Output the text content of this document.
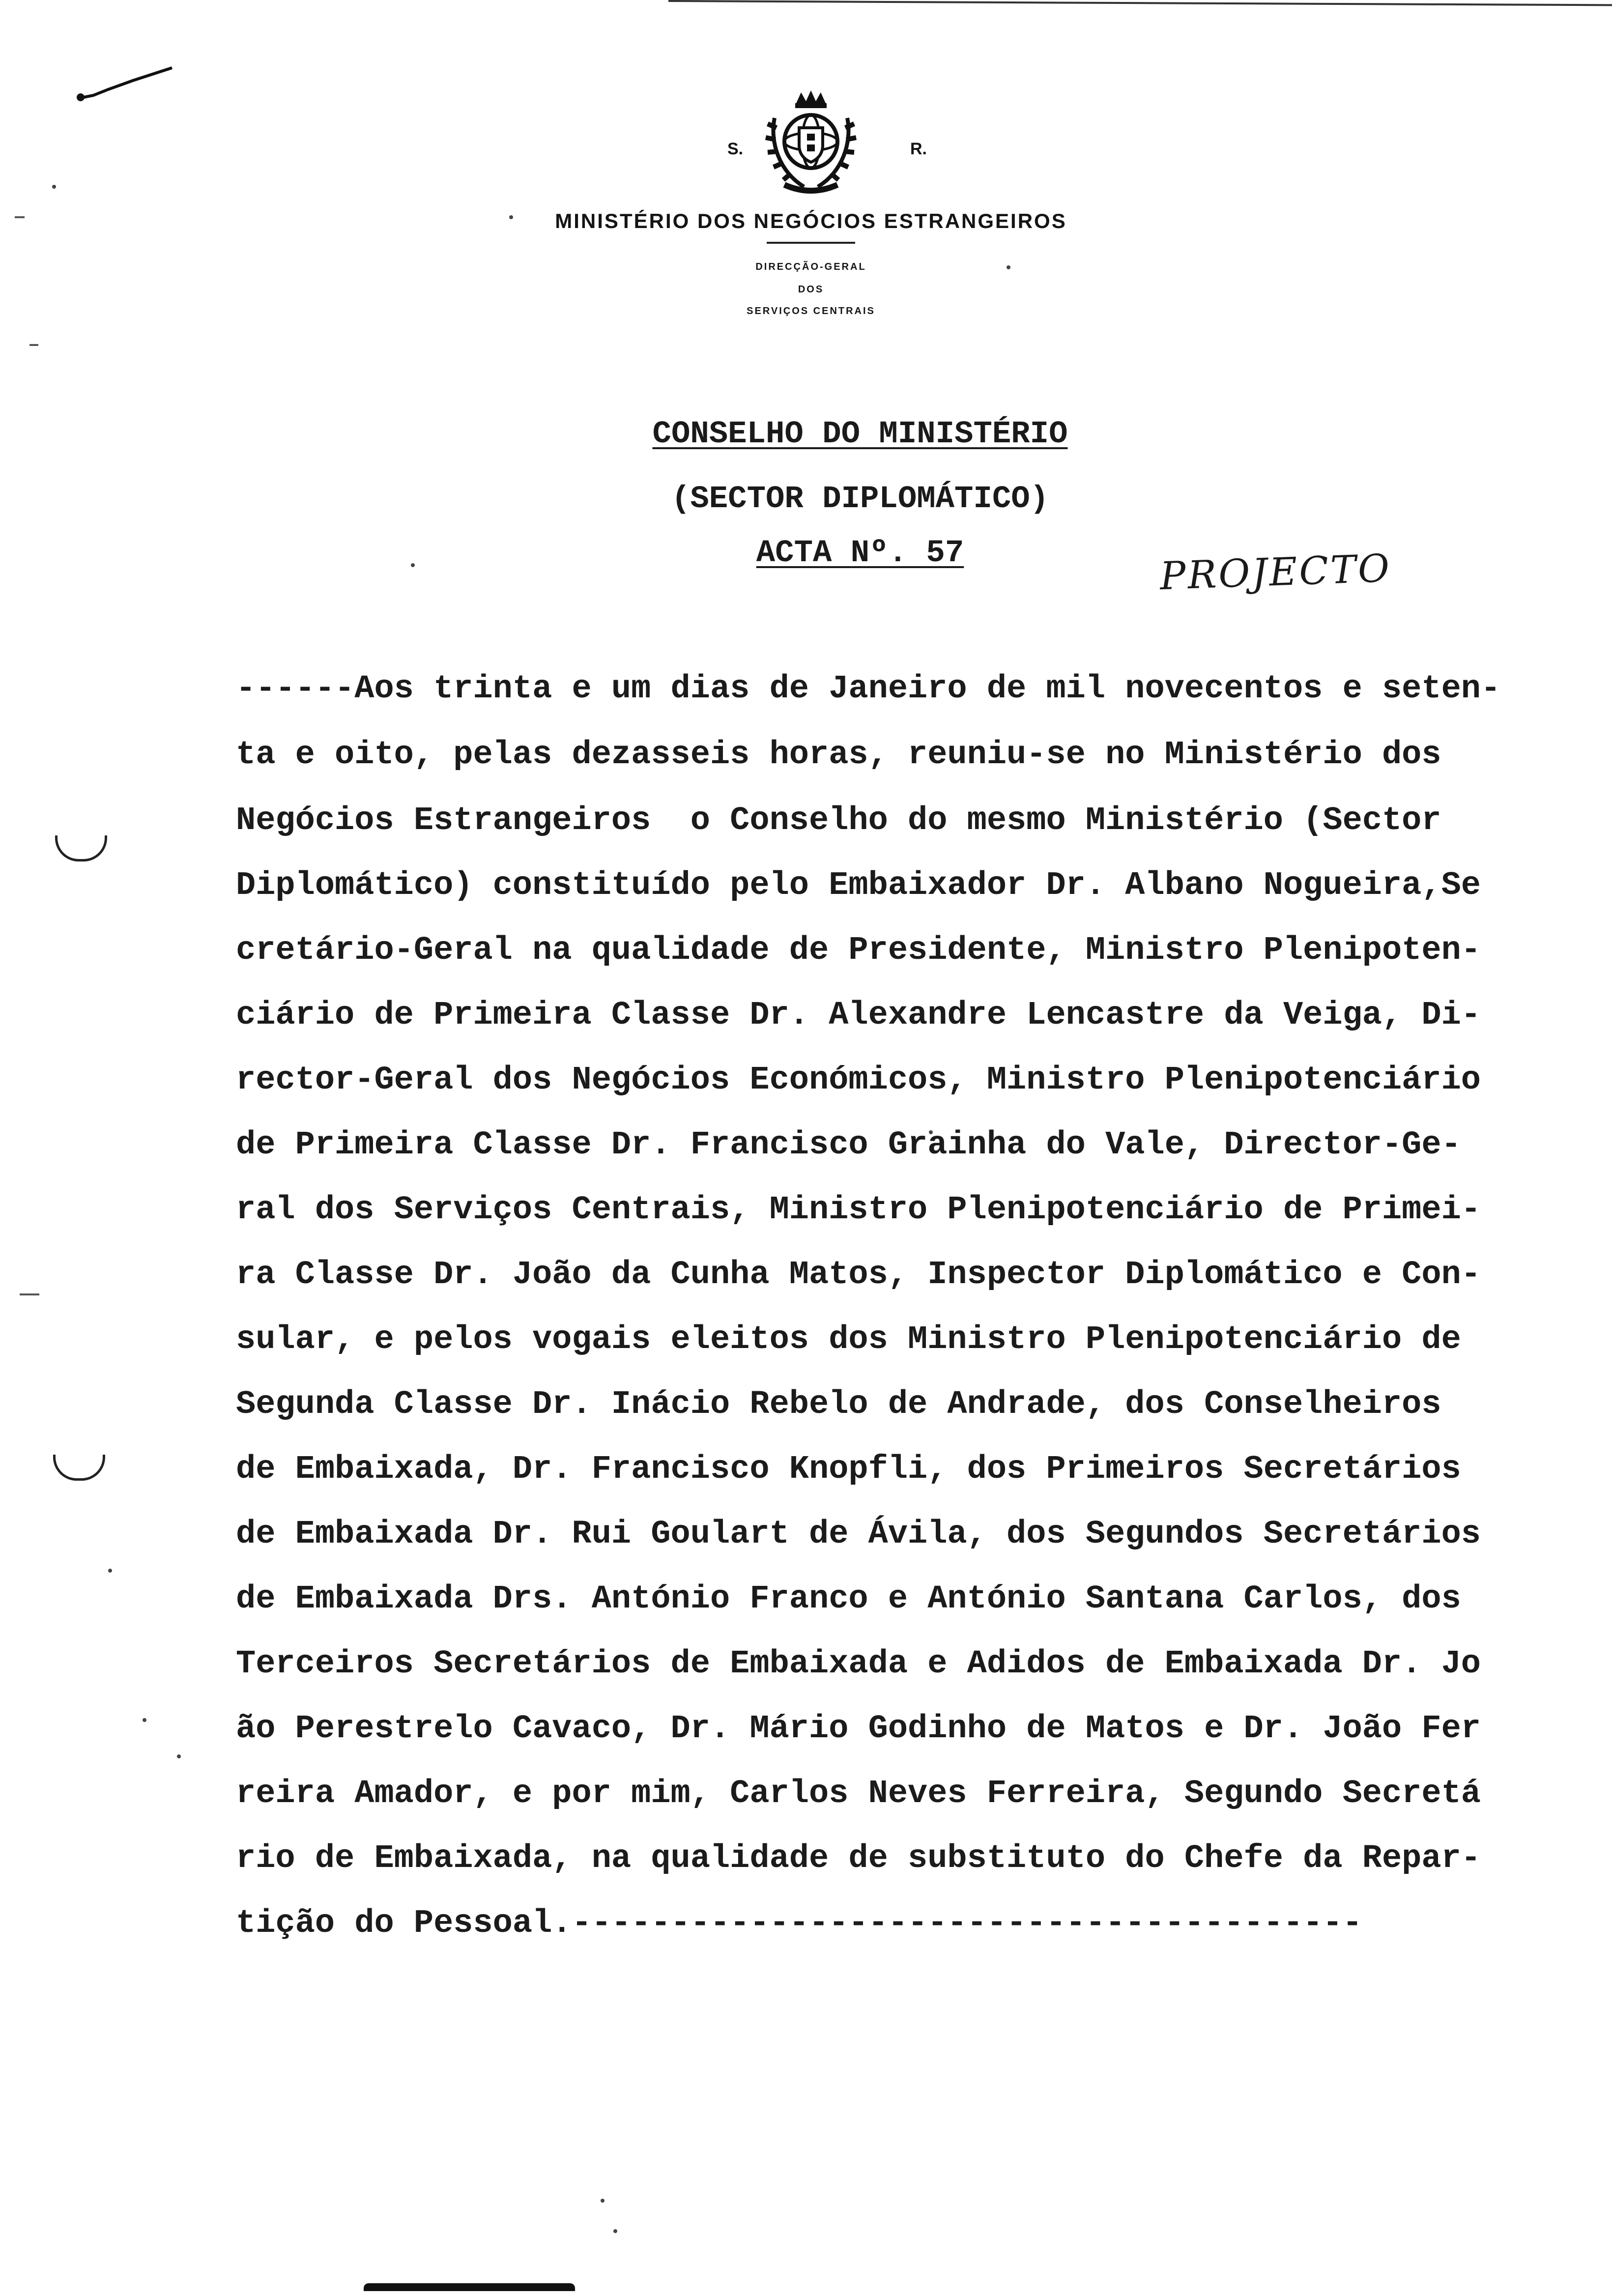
S.	R.
MINISTÉRIO DOS NEGÓCIOS ESTRANGEIROS
DIRECÇÃO-GERAL
DOS
SERVIÇOS CENTRAIS
CONSELHO DO MINISTÉRIO
(SECTOR DIPLOMÁTICO)
ACTA Nº. 57	PROJECTO
------Aos trinta e um dias de Janeiro de mil novecentos e seten-
ta e oito, pelas dezasseis horas, reuniu-se no Ministério dos
Negócios Estrangeiros  o Conselho do mesmo Ministério (Sector
Diplomático) constituído pelo Embaixador Dr. Albano Nogueira,Se
cretário-Geral na qualidade de Presidente, Ministro Plenipoten-
ciário de Primeira Classe Dr. Alexandre Lencastre da Veiga, Di-
rector-Geral dos Negócios Económicos, Ministro Plenipotenciário
de Primeira Classe Dr. Francisco Grainha do Vale, Director-Ge-
ral dos Serviços Centrais, Ministro Plenipotenciário de Primei-
ra Classe Dr. João da Cunha Matos, Inspector Diplomático e Con-
sular, e pelos vogais eleitos dos Ministro Plenipotenciário de
Segunda Classe Dr. Inácio Rebelo de Andrade, dos Conselheiros
de Embaixada, Dr. Francisco Knopfli, dos Primeiros Secretários
de Embaixada Dr. Rui Goulart de Ávila, dos Segundos Secretários
de Embaixada Drs. António Franco e António Santana Carlos, dos
Terceiros Secretários de Embaixada e Adidos de Embaixada Dr. Jo
ão Perestrelo Cavaco, Dr. Mário Godinho de Matos e Dr. João Fer
reira Amador, e por mim, Carlos Neves Ferreira, Segundo Secretá
rio de Embaixada, na qualidade de substituto do Chefe da Repar-
tição do Pessoal.----------------------------------------
